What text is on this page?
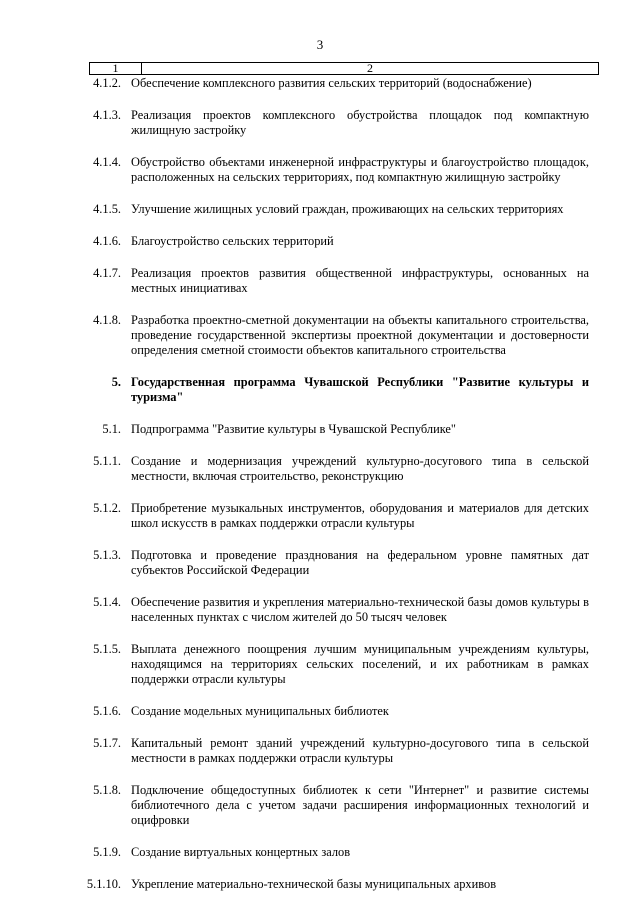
3
1	2
4.1.2. Обеспечение комплексного развития сельских территорий (водоснабжение)
4.1.3. Реализация проектов комплексного обустройства площадок под компактную жилищную застройку
4.1.4. Обустройство объектами инженерной инфраструктуры и благоустройство площадок, расположенных на сельских территориях, под компактную жилищную застройку
4.1.5. Улучшение жилищных условий граждан, проживающих на сельских территориях
4.1.6. Благоустройство сельских территорий
4.1.7. Реализация проектов развития общественной инфраструктуры, основанных на местных инициативах
4.1.8. Разработка проектно-сметной документации на объекты капитального строительства, проведение государственной экспертизы проектной документации и достоверности определения сметной стоимости объектов капитального строительства
5. Государственная программа Чувашской Республики "Развитие культуры и туризма"
5.1. Подпрограмма "Развитие культуры в Чувашской Республике"
5.1.1. Создание и модернизация учреждений культурно-досугового типа в сельской местности, включая строительство, реконструкцию
5.1.2. Приобретение музыкальных инструментов, оборудования и материалов для детских школ искусств в рамках поддержки отрасли культуры
5.1.3. Подготовка и проведение празднования на федеральном уровне памятных дат субъектов Российской Федерации
5.1.4. Обеспечение развития и укрепления материально-технической базы домов культуры в населенных пунктах с числом жителей до 50 тысяч человек
5.1.5. Выплата денежного поощрения лучшим муниципальным учреждениям культуры, находящимся на территориях сельских поселений, и их работникам в рамках поддержки отрасли культуры
5.1.6. Создание модельных муниципальных библиотек
5.1.7. Капитальный ремонт зданий учреждений культурно-досугового типа в сельской местности в рамках поддержки отрасли культуры
5.1.8. Подключение общедоступных библиотек к сети "Интернет" и развитие системы библиотечного дела с учетом задачи расширения информационных технологий и оцифровки
5.1.9. Создание виртуальных концертных залов
5.1.10. Укрепление материально-технической базы муниципальных архивов
